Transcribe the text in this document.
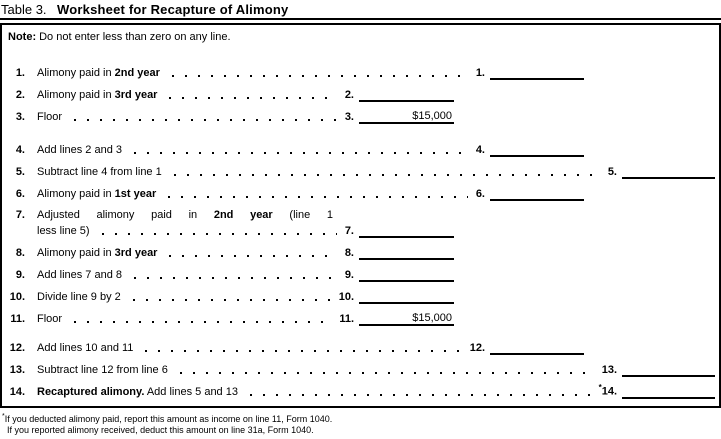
Table 3. Worksheet for Recapture of Alimony
Note: Do not enter less than zero on any line.
1. Alimony paid in 2nd year	1.
2. Alimony paid in 3rd year	2.
3. Floor	3.	$15,000
4. Add lines 2 and 3	4.
5. Subtract line 4 from line 1	5.
6. Alimony paid in 1st year	6.
7. Adjusted alimony paid in 2nd year (line 1
less line 5)	7.
8. Alimony paid in 3rd year	8.
9. Add lines 7 and 8	9.
10. Divide line 9 by 2	10.
11. Floor	11.	$15,000
12. Add lines 10 and 11	12.
13. Subtract line 12 from line 6	13.
14. Recaptured alimony. Add lines 5 and 13	*14.
*If you deducted alimony paid, report this amount as income on line 11, Form 1040.
If you reported alimony received, deduct this amount on line 31a, Form 1040.
